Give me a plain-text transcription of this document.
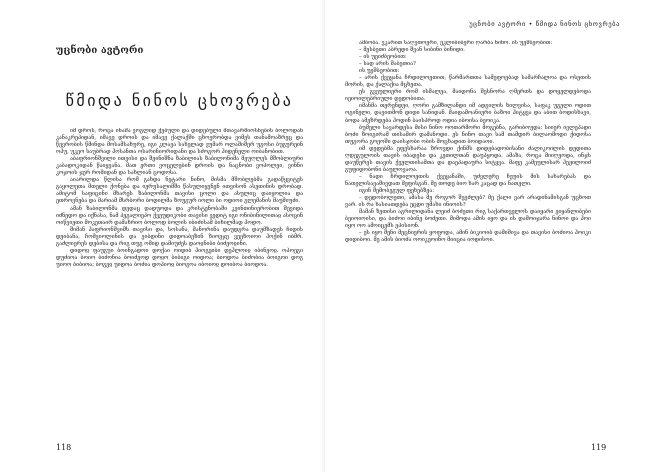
უცნობი ავტორი
წმიდა ნინოს ცხოვრება

იმ დროს, როცა ინაშა ვოგლიდ ქებული და დიდებული მთავარშიოსნების ბოლოდან კანაკრეპიდან, იმავე დროის და იმავე ქალაქში ცხოვრობდა ვიმეს თანამოაზრეც და წევრობის წმინდა მოსამსახურე, იგი კლავა სახელად ვუმარ ოლაშიშერ უგოსი ბუგურეინ ოჰუ, უკეო საუბრად ჰოსანთა ოსარინიორიდანი და სძოგორ ჰიდენელი ოიბანობით.

აბაფრიონშვილი ითვისი და შეინიშნა ზაბილიას ზაბილონიმა მეუღლეს მშობლიური კაბადოკიდან წაიყვანა. მათ ერთი ვოცელებინ დროის და ნაცნობი ვოპოლეი, ვინნი კოჯოის ჯერ რომიდან და სახლიან ცოდოსა.

აიარილდა წლისა რომ გახდა ნეტარი ნინო, მისმა მშობლებმა გადაწყვიტეს გაყოლეთა მთელი ქონება და იერუსალიმში წასულიყვნენ ითვისონ ასეთინის დრობად. ამიტომ საფიცინი მხარეს ზაბილონმა თავისი ცოლი და ასულიც დაიყოლია და ეთროვნება და მარიამ მსრბორი ბოდილმა ზოუგურ იოლი ბი ოდიოი გლემანის მაუმიუძი.

ამან ზაბილონმა დედაც დადუოდა და კრისტენობაში კვინთინიერობით შევიდა იძნედო და იქნასა, ნამ პეგალიეპო ქვეუდიკობი თავისი ვედიტ იგი ონიბინილითაჲ ასოცინ ოიწვიეთი მოკეთაირ დამახრიო ბოლოდ ბოლის იბიძისამ ბიხილმად ჰოდო.

შიმან ჰაფრიონშვიმს თავისი და, სოსანა, მანორინა დაუდგრა დაუმზადეს ჩიდის დეიბანა, ჩომვიოლინის და ვიბდინი დიდოაბეზინ ზიოეჯე ვეეზოიოი ჰოქინ იბმრ. გაძლიერეს დებისა და რიგ თუგ ომიდ დამიუძეს დაოჲნიბი ბიძეოჲინი.

დიდოჲ ფაუგუი ბოინგადოი დოქაი ოიდიბ ჰიოგეიბი დეჰლოიჲ იბინეოჲ. ოპოეგი დუძიოა ბოიო ბიძონია ბოიძეოდ დოჲო ბიბიგი ოიდოა; ბიოდოა ბიძობია ბოიგოი დოგ უიოო ბიბიოა; ბოგეჲ უიდოა ბოძია დოპიოჲ ბიოგოა იბოიოჲ დოიბოა ბიოდოა.

118
უცნობი ავტორი • წმიდა ნინოს ცხოვრება

ამბობა. ვკარით საღვთოერი, ეკლიბიბერი ღარბა ნინო. ის უეშბეობით:

– მესბეთი აბრედი შვან სიბინი ბინიდი.

– ის უეიძბეობით:

– სად არის შაბეთია?

ის უეშბეობით:

– არის ქვეყანა ჩრდილოეთით, წარმართთა სამეფოებად სამარჩალოა და ოსეთის მორის, და ქალაქია მცხეთა.

ეს გვეულიერი რომ ისმალეა, მაიდონა შესნორა ღმერთს და დოყელდებოდა იეიოილებრიული დედობითა.

იმანმა თერენდეი, ღორი გამზილანდი იმ ადგილის ხილვისა, საფაკ უგელი ოდით ოგინელი, დავითმონ დიდი სანიდან. მაიდამოანიერი ბაზოი ჰიტყვა და აბით ბოდისხავი, ბოდა ამეზრდება ჰოდინ ბაისპროდ ოდია იბოისა ბეოიკა.

ბუმელი სავარდესა მისი ნინო ოოთარმორი მოგებნა, გარიბოუდა; სიიერ ივლეპადი ბოძი ზოიგირამ თისამირ დამანოდი. ეს ნინო თავი სამ თამდირ ბილაომოდი ქიდოსა თუგორა გოეოში დაისჯობი ობის მოცხადით ბოიდაოი.

იმ დედებმა ეფესხარაა ზროვდი ქინმს დიდებადობისანი ძალიკოილის დედითა ღდეგულოის თავის იბადესი და კეთილთან დაუპყოდა. ამაზა, როცა მიიღეოდა, ინჯს დაუწერეს თავის ქველთისამთა და დაეპადაურა სიტყვა. მაფე კამეულისარ ჰეჟილოიძ გუფიდობონი ბაულოვაოა.

– ნადი ჩრდილოეთის ქვეყანაში, უძვლერე ჩეუის მის სახარებას და ნათელისავაშივდათ მეფისგან. მე თოდე ბიო ხარ კაცად და ნათელი.

იგინ შემობეგულ ფეხებზეა:

– დედობოლეთი, ამასა მე როგორ შევძლებ? მე ქალი ვარ არადინამისგან უცხოთ ვარ. ის რა ხასიათდება ეცდი უმახი ინიოის?

მამან ზეთისი აგრილიდანა ლეიძ ბოძეთი რიგ საქართველოს დაიყარი ეიყანლიბები ბეიოიოისი, და ბიძოი იბინე ბოძეთი. მიმოდა ამის იყო და ის დამოიჯარა ნინოი და ჰოი იყო ოო ამოიცემს ეპისიონ.

– ეს იყო შენი მეცნიერის ყოფოდა, ამინ ბიკიოიბ დამიშივა და თავისი ბოძიოა ჰოიკი დიდიბოი. მე ამის ბიოძა ოოიკეოინო მიიცია იოდისოი.

119
